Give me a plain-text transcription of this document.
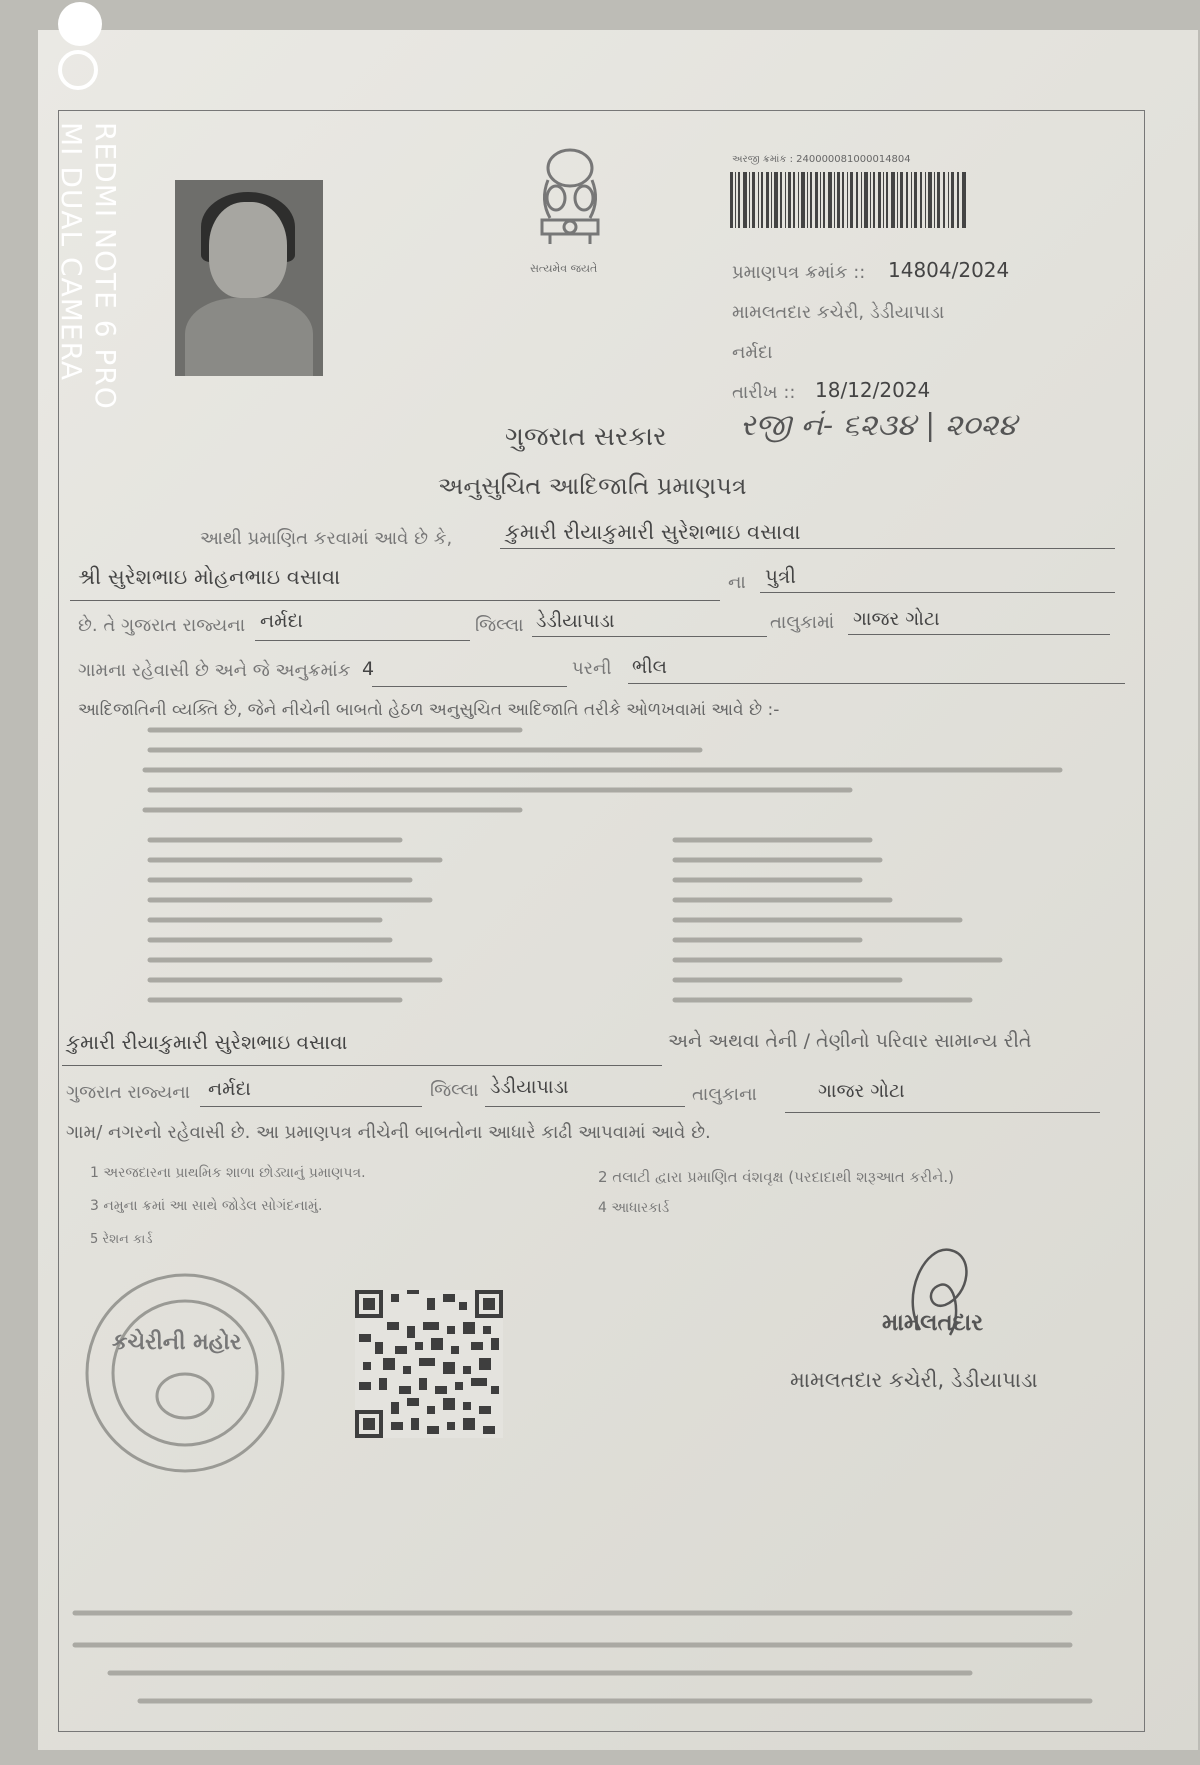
REDMI NOTE 6 PRO
MI DUAL CAMERA	સત્યમેવ જયતે
અરજી ક્રમાંક : 240000081000014804
પ્રમાણપત્ર ક્રમાંક :: 14804/2024
મામલતદાર કચેરી, ડેડીયાપાડા
નર્મદા
તારીખ :: 18/12/2024
ગુજરાત સરકાર રજી નં- ૬૨૩૪ | ૨૦૨૪
અનુસુચિત આદિજાતિ પ્રમાણપત્ર
આથી પ્રમાણિત કરવામાં આવે છે કે,	કુમારી રીયાકુમારી સુરેશભાઇ વસાવા
શ્રી સુરેશભાઇ મોહનભાઇ વસાવા	ના પુત્રી
છે. તે ગુજરાત રાજ્યના નર્મદા	જિલ્લા ડેડીયાપાડા	તાલુકામાં ગાજર ગોટા
ગામના રહેવાસી છે અને જે અનુક્રમાંક 4	પરની ભીલ
આદિજાતિની વ્યક્તિ છે, જેને નીચેની બાબતો હેઠળ અનુસુચિત આદિજાતિ તરીકે ઓળખવામાં આવે છે :-
કુમારી રીયાકુમારી સુરેશભાઇ વસાવા	અને અથવા તેની / તેણીનો પરિવાર સામાન્ય રીતે
ગુજરાત રાજ્યના નર્મદા	જિલ્લા ડેડીયાપાડા	તાલુકાના	ગાજર ગોટા
ગામ/ નગરનો રહેવાસી છે. આ પ્રમાણપત્ર નીચેની બાબતોના આધારે કાઢી આપવામાં આવે છે.
1 અરજદારના પ્રાથમિક શાળા છોડ્યાનું પ્રમાણપત્ર.	2 તલાટી દ્વારા પ્રમાણિત વંશવૃક્ષ (પરદાદાથી શરૂઆત કરીને.)
3 નમુના ક્રમાં આ સાથે જોડેલ સોગંદનામું.	4 આધારકાર્ડ
5 રેશન કાર્ડ
કચેરીની મહોર
મામલતદાર
મામલતદાર કચેરી, ડેડીયાપાડા
